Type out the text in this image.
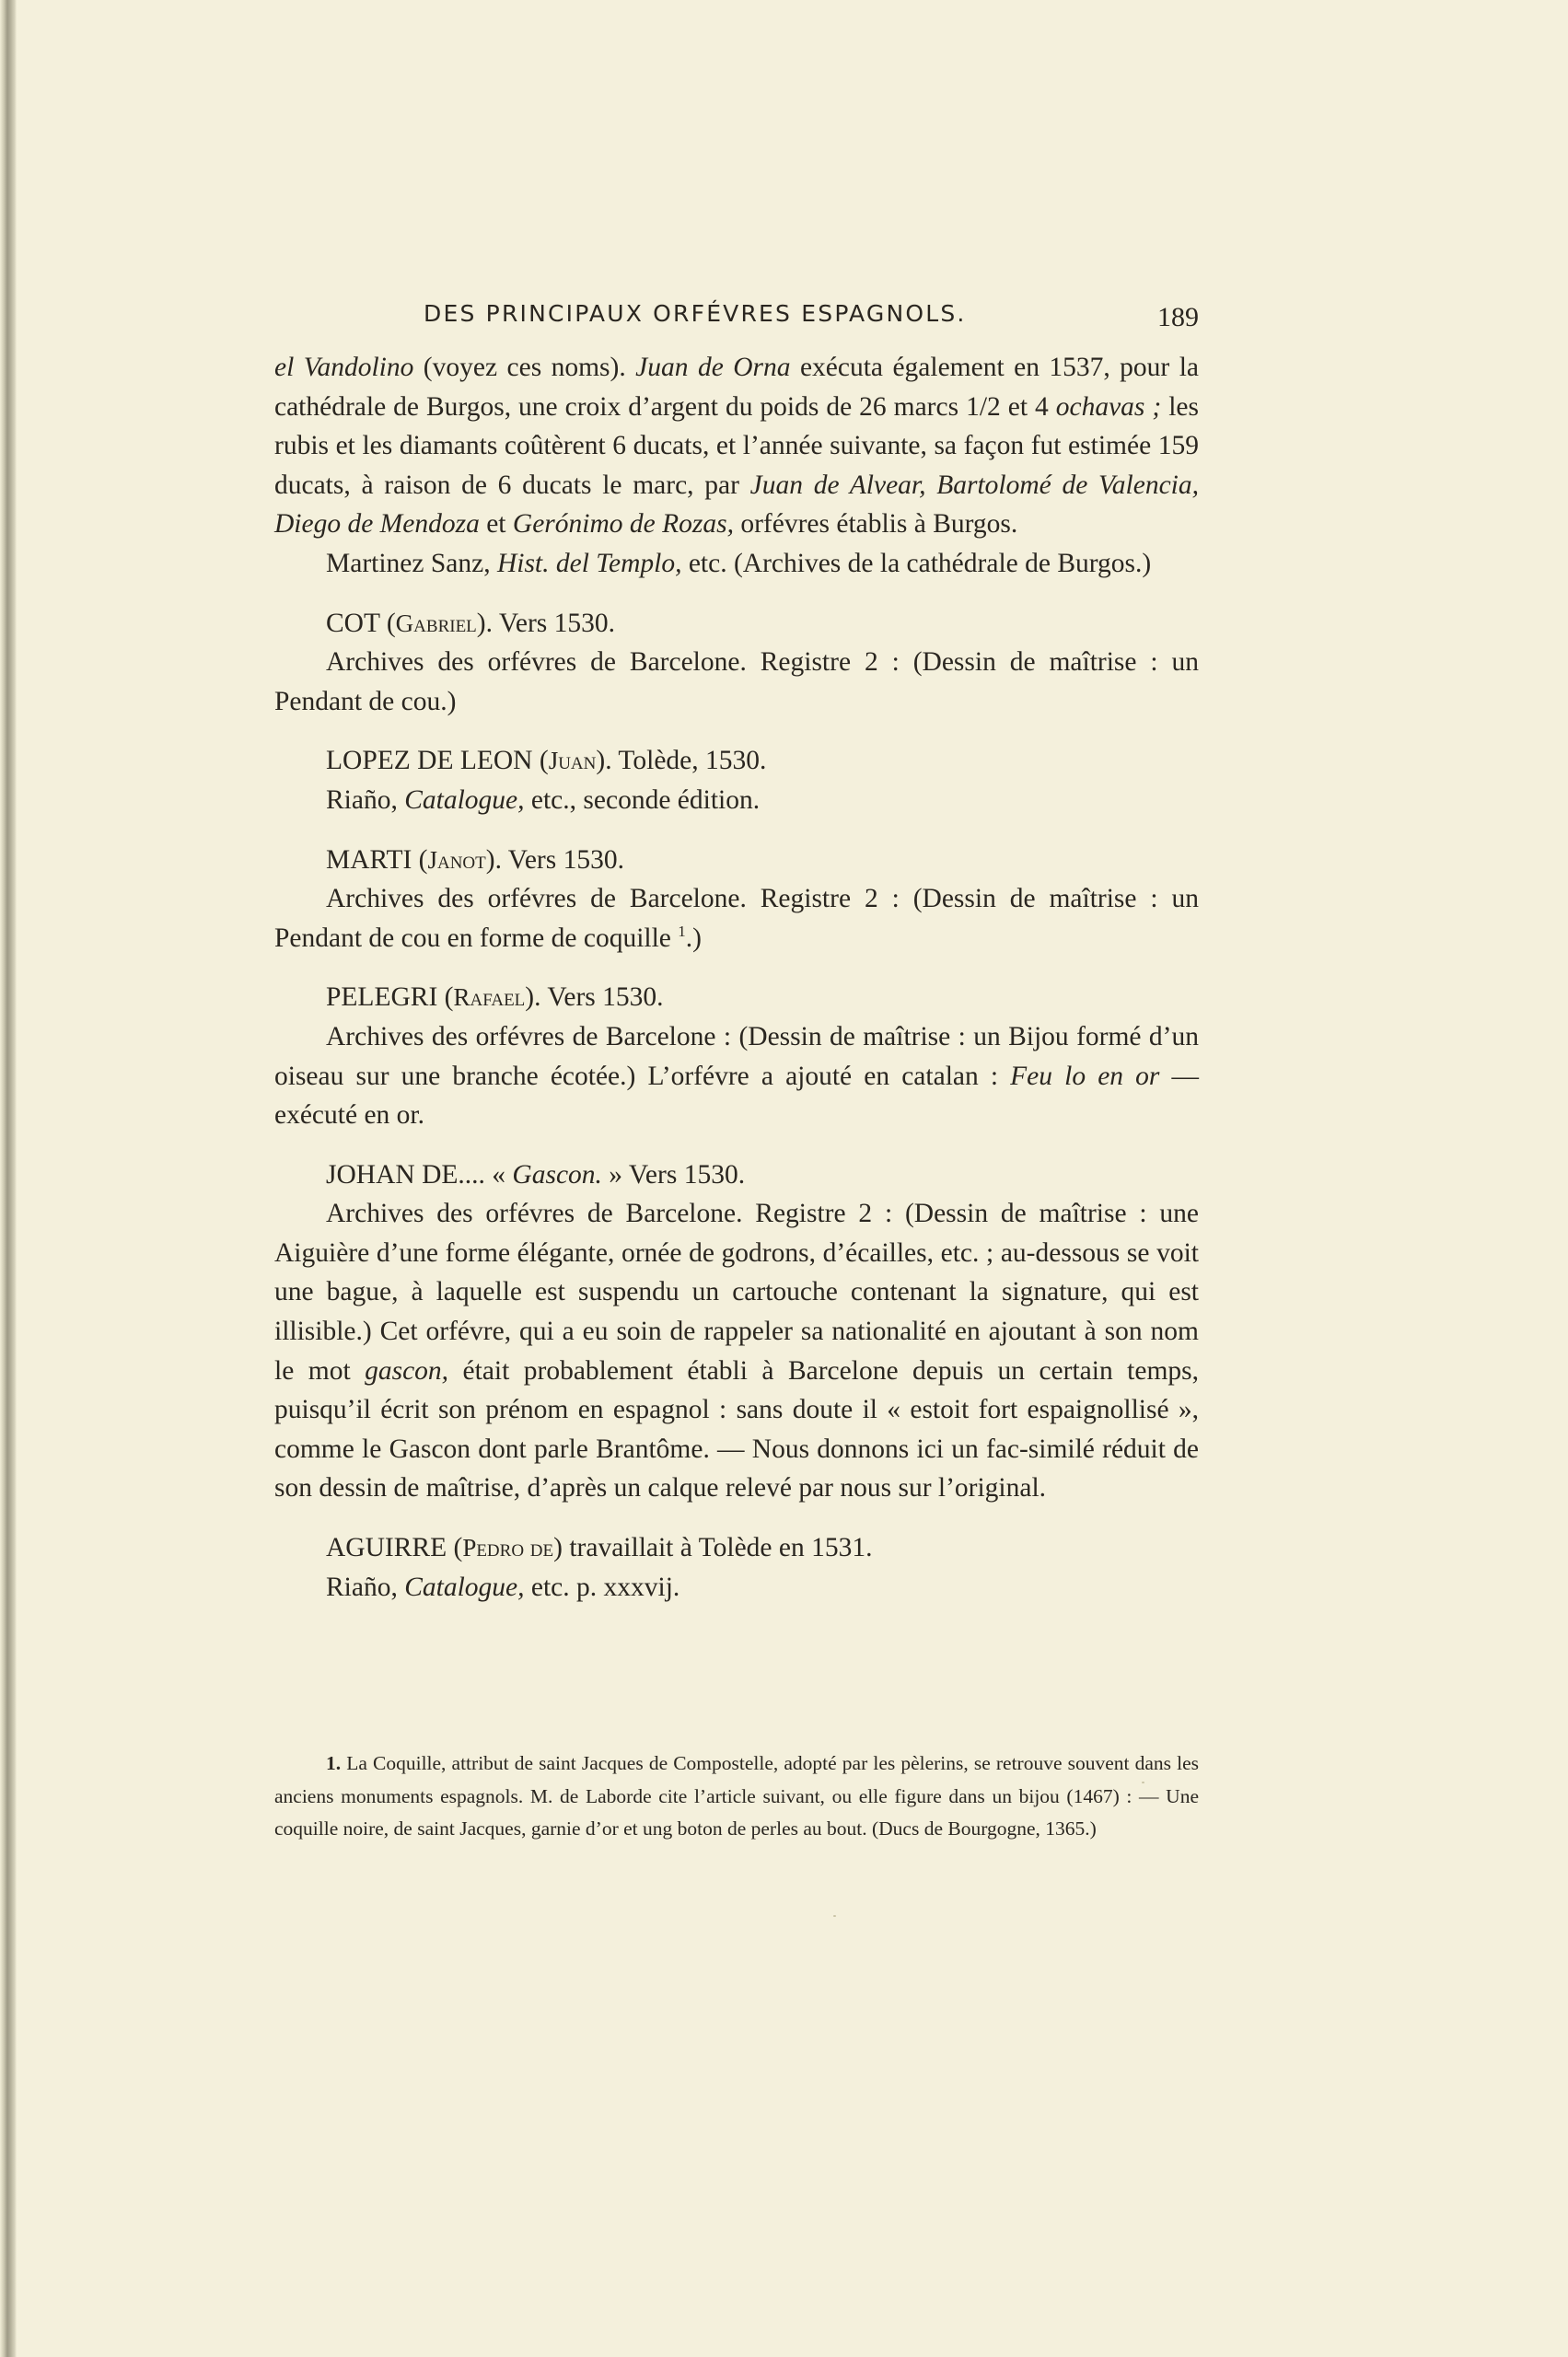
DES PRINCIPAUX ORFÉVRES ESPAGNOLS.	189

el Vandolino (voyez ces noms). Juan de Orna exécuta également en 1537, pour la cathédrale de Burgos, une croix d’argent du poids de 26 marcs 1/2 et 4 ochavas ; les rubis et les diamants coûtèrent 6 ducats, et l’année suivante, sa façon fut estimée 159 ducats, à raison de 6 ducats le marc, par Juan de Alvear, Bartolomé de Valencia, Diego de Mendoza et Gerónimo de Rozas, orfévres établis à Burgos.

Martinez Sanz, Hist. del Templo, etc. (Archives de la cathédrale de Burgos.)

COT (Gabriel). Vers 1530.

Archives des orfévres de Barcelone. Registre 2 : (Dessin de maîtrise : un Pendant de cou.)

LOPEZ DE LEON (Juan). Tolède, 1530.

Riaño, Catalogue, etc., seconde édition.

MARTI (Janot). Vers 1530.

Archives des orfévres de Barcelone. Registre 2 : (Dessin de maîtrise : un Pendant de cou en forme de coquille $^1$.)

PELEGRI (Rafael). Vers 1530.

Archives des orfévres de Barcelone : (Dessin de maîtrise : un Bijou formé d’un oiseau sur une branche écotée.) L’orfévre a ajouté en catalan : Feu lo en or — exécuté en or.

JOHAN DE.... « Gascon. » Vers 1530.

Archives des orfévres de Barcelone. Registre 2 : (Dessin de maîtrise : une Aiguière d’une forme élégante, ornée de godrons, d’écailles, etc. ; au-dessous se voit une bague, à laquelle est suspendu un cartouche contenant la signature, qui est illisible.) Cet orfévre, qui a eu soin de rappeler sa nationalité en ajoutant à son nom le mot gascon, était probablement établi à Barcelone depuis un certain temps, puisqu’il écrit son prénom en espagnol : sans doute il « estoit fort espaignollisé », comme le Gascon dont parle Brantôme. — Nous donnons ici un fac-similé réduit de son dessin de maîtrise, d’après un calque relevé par nous sur l’original.

AGUIRRE (Pedro de) travaillait à Tolède en 1531.

Riaño, Catalogue, etc. p. xxxvij.

1. La Coquille, attribut de saint Jacques de Compostelle, adopté par les pèlerins, se retrouve souvent dans les anciens monuments espagnols. M. de Laborde cite l’article suivant, ou elle figure dans un bijou (1467) : — Une coquille noire, de saint Jacques, garnie d’or et ung boton de perles au bout. (Ducs de Bourgogne, 1365.)
